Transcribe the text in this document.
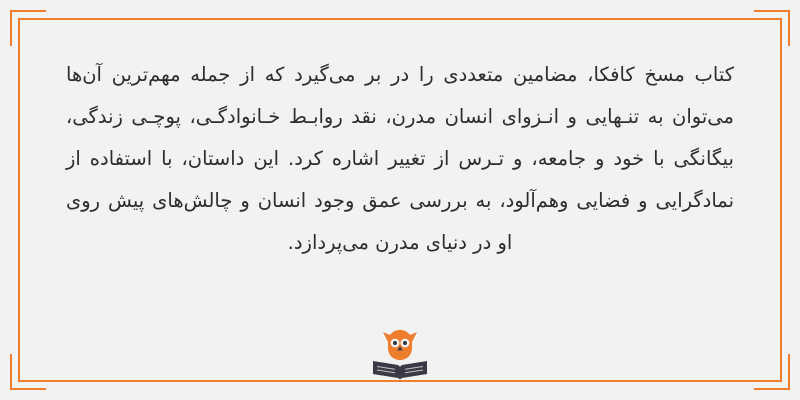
کتاب مسخ کافکا، مضامین متعددی را در بر می‌گیرد که از جمله مهم‌ترین آن‌ها می‌توان به تنـهایی و انـزوای انسان مدرن، نقد روابـط خـانوادگـی، پوچـی زندگی، بیگانگی با خود و جامعه، و تـرس از تغییر اشاره کرد. این داستان، با استفاده از نمادگرایی و فضایی وهم‌آلود، به بررسی عمق وجود انسان و چالش‌های پیش روی او در دنیای مدرن می‌پردازد.
